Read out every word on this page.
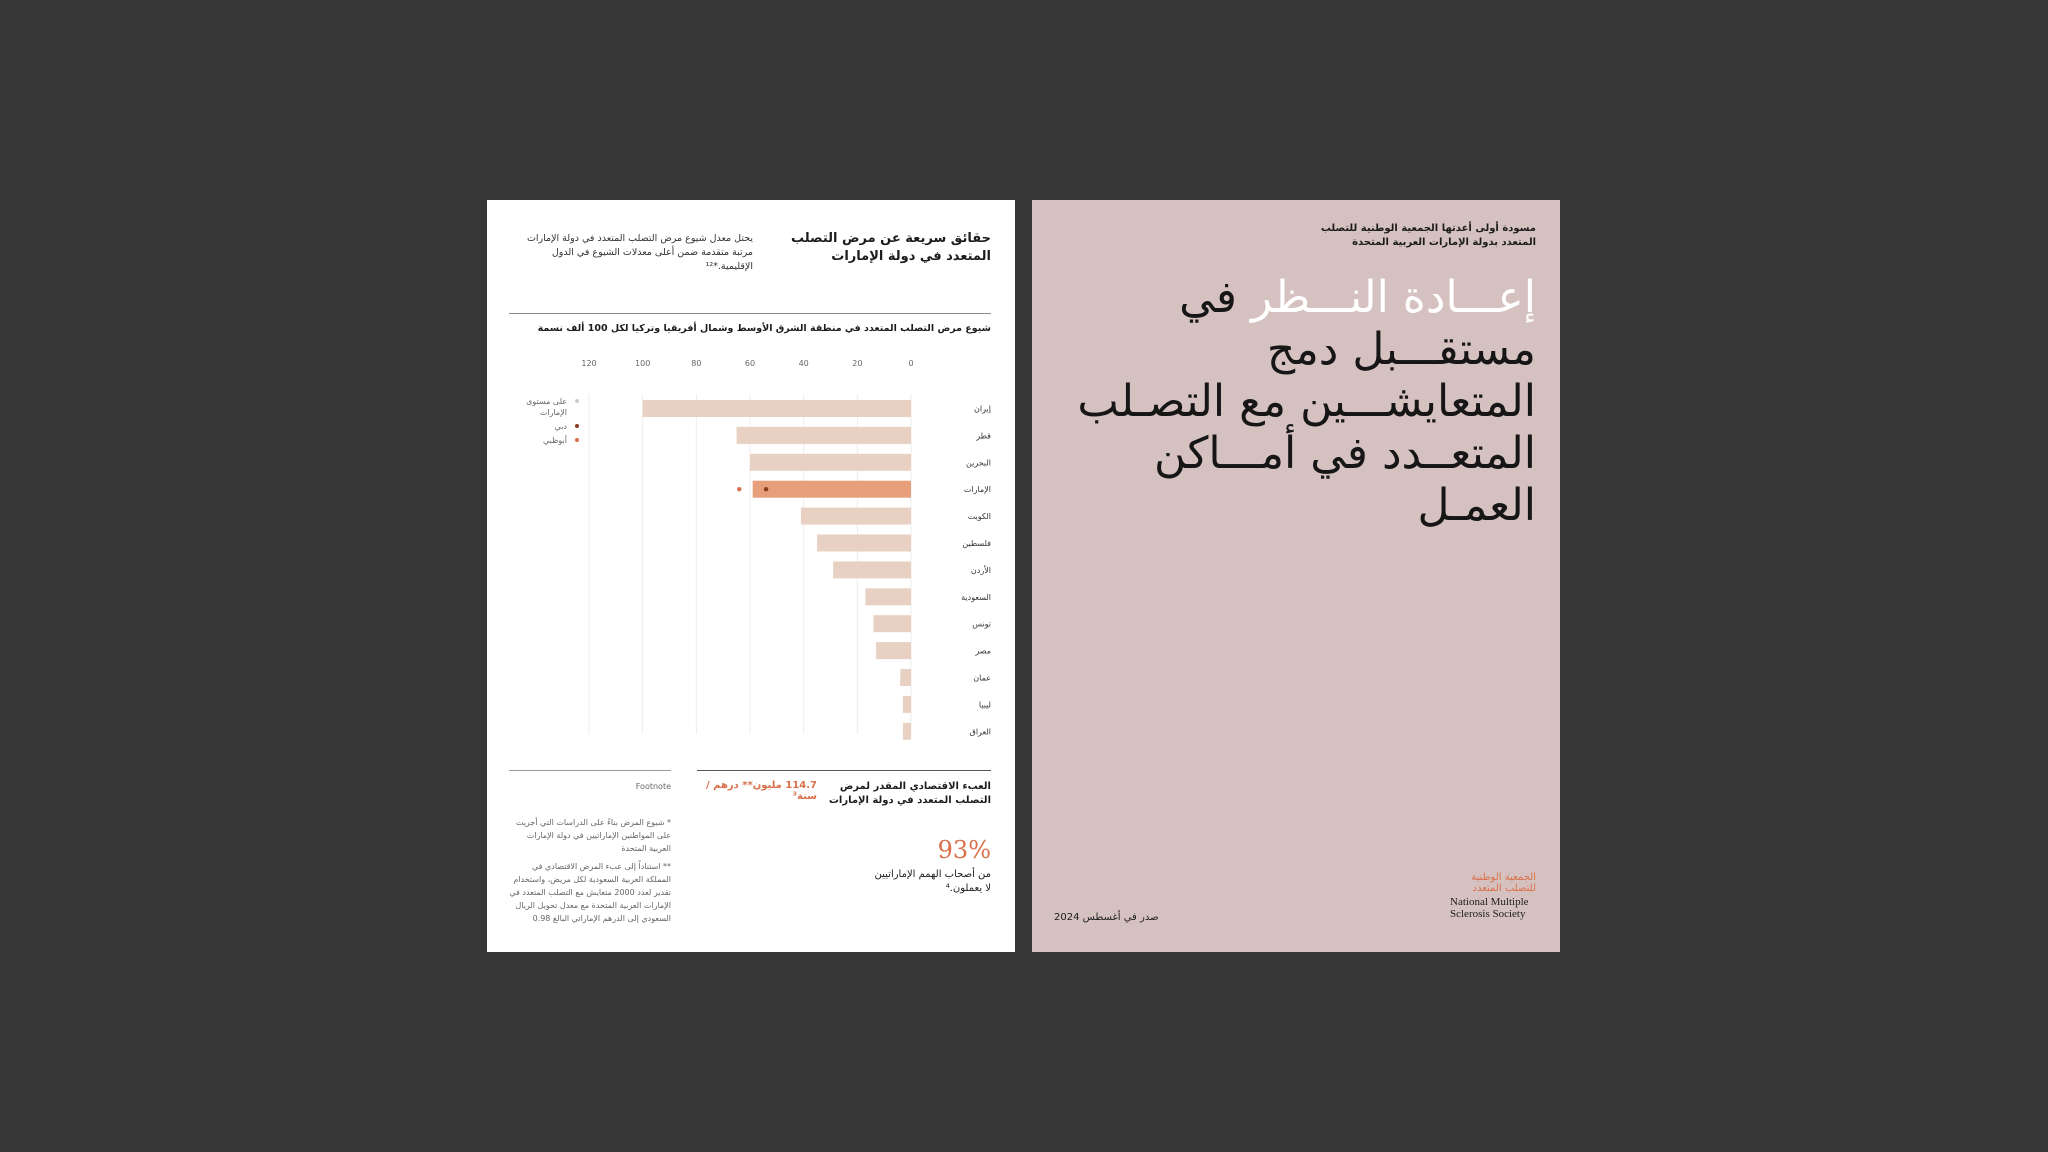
حقائق سريعة عن مرض التصلب المتعدد في دولة الإمارات
يحتل معدل شيوع مرض التصلب المتعدد في دولة الإمارات مرتبة متقدمة ضمن أعلى معدلات الشيوع في الدول الإقليمية.*¹²
شيوع مرض التصلب المتعدد في منطقة الشرق الأوسط وشمال أفريقيا وتركيا لكل 100 ألف نسمة
0
20
40
60
80
100
120
إيران
قطر
البحرين
الإمارات
الكويت
فلسطين
الأردن
السعودية
تونس
مصر
عمان
ليبيا
العراق
على مستوى الإمارات
دبي
أبوظبي
Footnote
* شيوع المرض بناءً على الدراسات التي أجريت على المواطنين الإماراتيين في دولة الإمارات العربية المتحدة
** استناداً إلى عبء المرض الاقتصادي في المملكة العربية السعودية لكل مريض، واستخدام تقدير لعدد 2000 متعايش مع التصلب المتعدد في الإمارات العربية المتحدة مع معدل تحويل الريال السعودي إلى الدرهم الإماراتي البالغ 0.98
العبء الاقتصادي المقدر لمرض التصلب المتعدد في دولة الإمارات
114.7 مليون** درهم / سنة³
93%
من أصحاب الهمم الإماراتيين لا يعملون.⁴
مسودة أولى أعدتها الجمعية الوطنية للتصلب المتعدد بدولة الإمارات العربية المتحدة
إعـــادة النـــظر في مستقـــبل دمج المتعايشـــين مع التصـلب المتعــدد في أمـــاكن العمـل
صدر في أغسطس 2024
الجمعية الوطنية للتصلب المتعدد
National Multiple Sclerosis Society
